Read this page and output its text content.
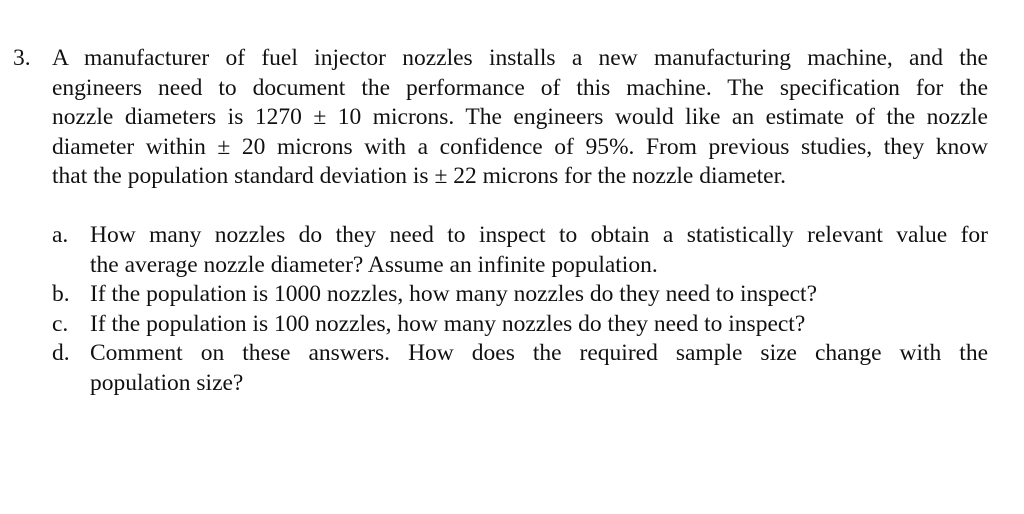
3. A manufacturer of fuel injector nozzles installs a new manufacturing machine, and the
engineers need to document the performance of this machine. The specification for the
nozzle diameters is 1270 ± 10 microns. The engineers would like an estimate of the nozzle
diameter within ± 20 microns with a confidence of 95%. From previous studies, they know
that the population standard deviation is ± 22 microns for the nozzle diameter.
a. How many nozzles do they need to inspect to obtain a statistically relevant value for
the average nozzle diameter? Assume an infinite population.
b. If the population is 1000 nozzles, how many nozzles do they need to inspect?
c. If the population is 100 nozzles, how many nozzles do they need to inspect?
d. Comment on these answers. How does the required sample size change with the
population size?
